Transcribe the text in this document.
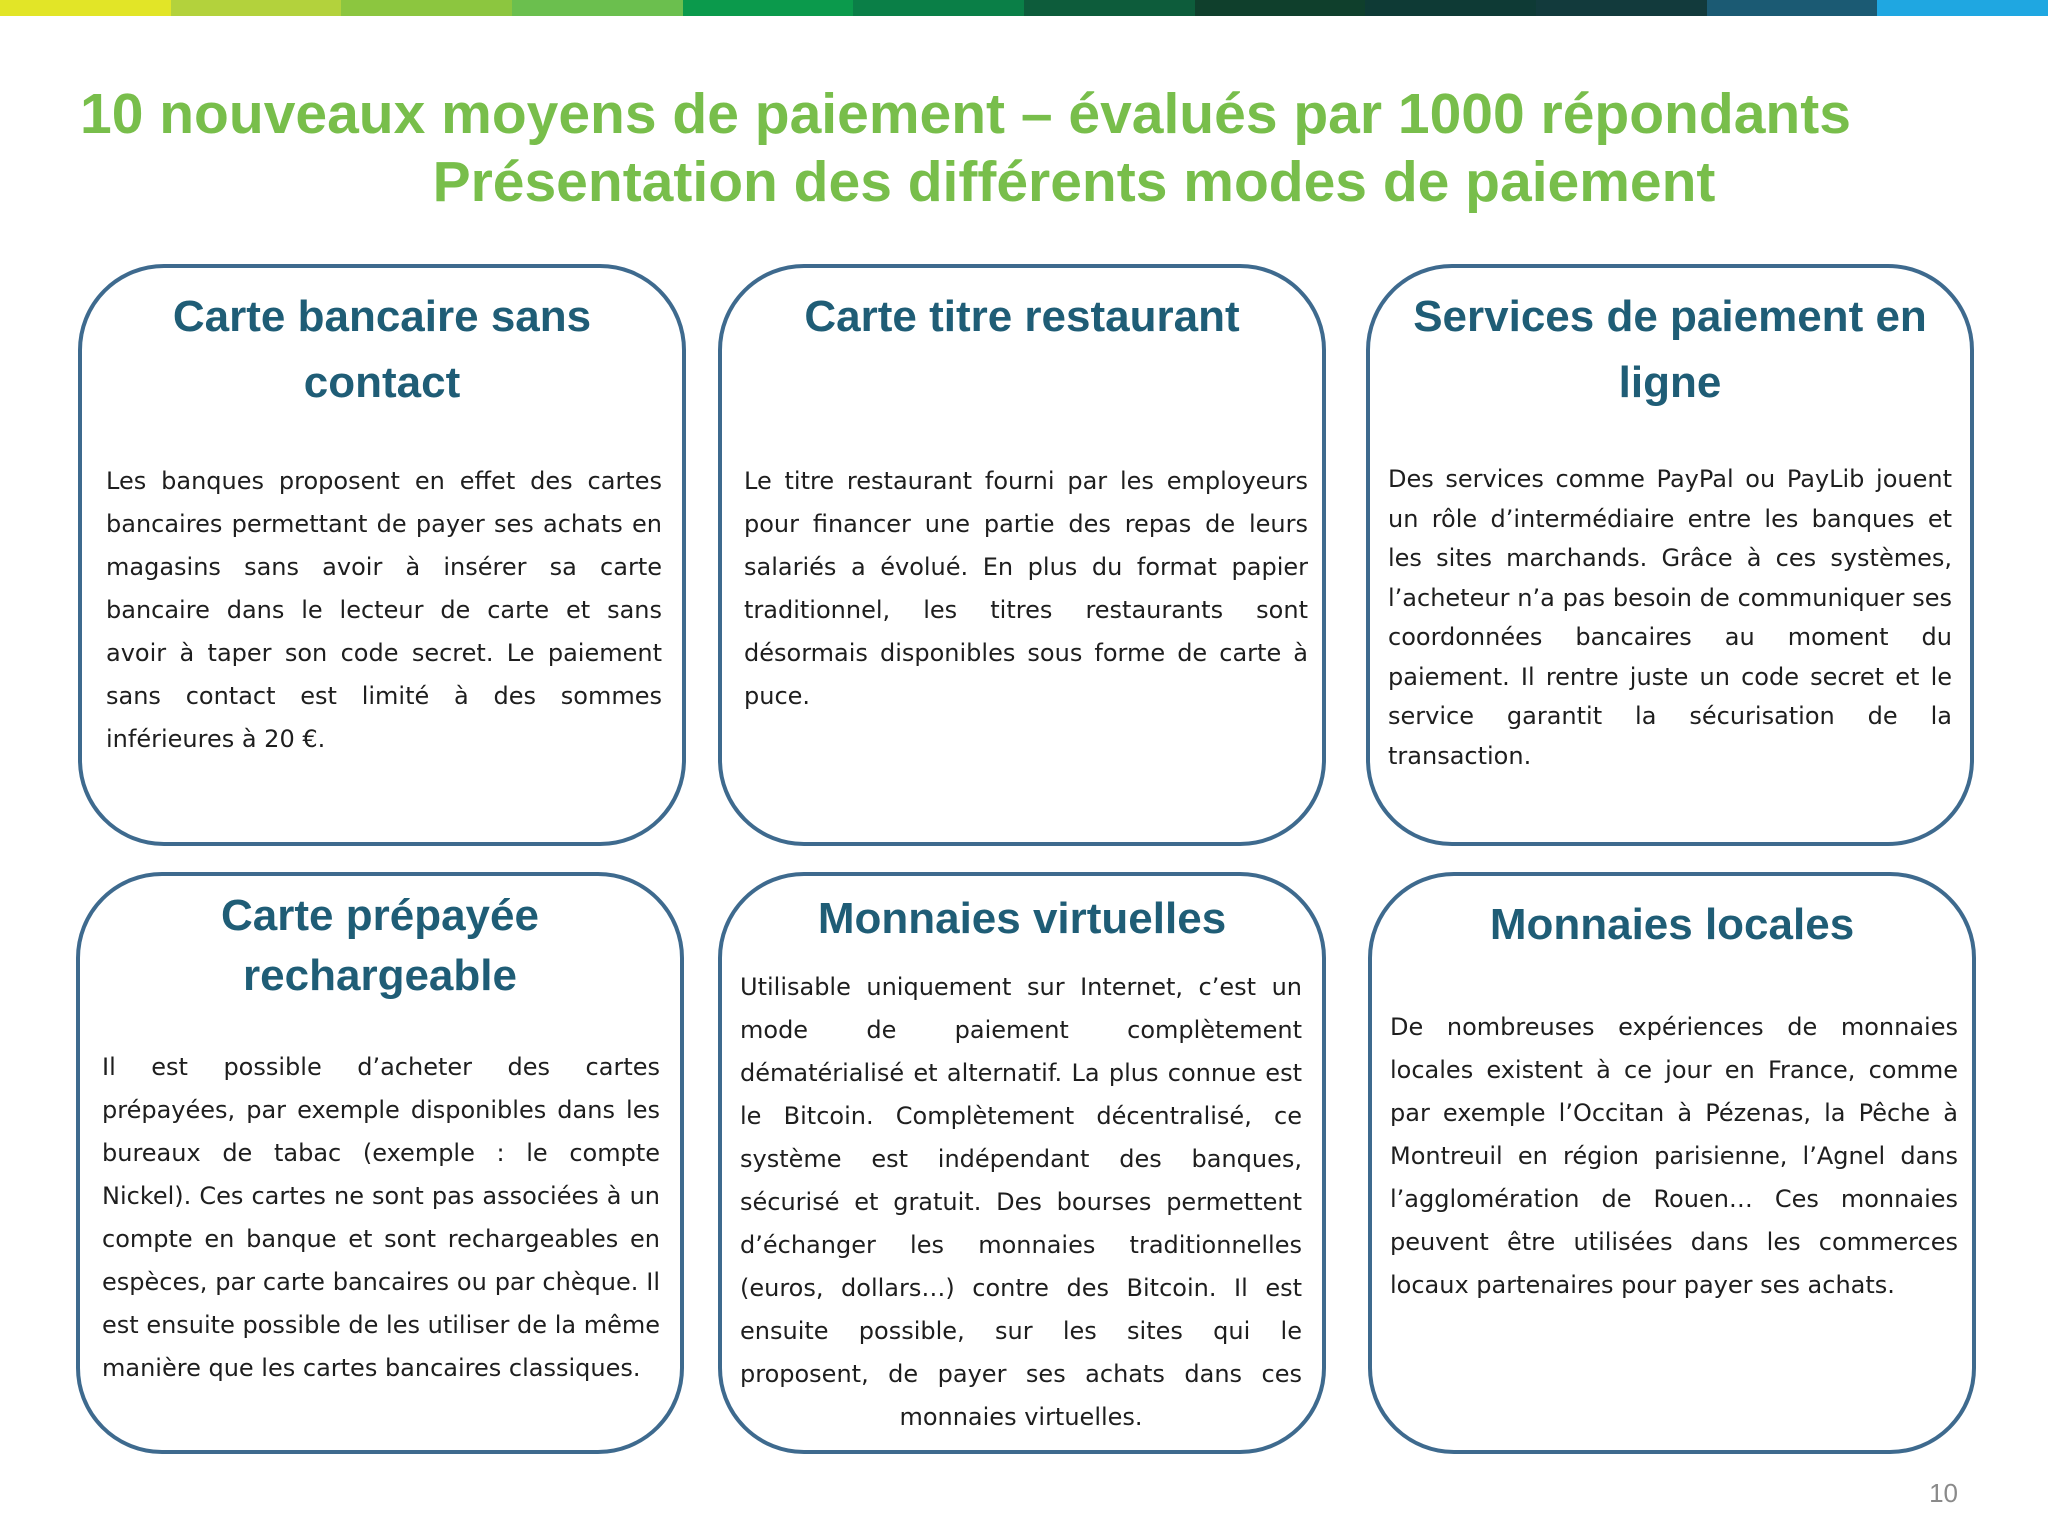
10 nouveaux moyens de paiement – évalués par 1000 répondants
Présentation des différents modes de paiement
Carte bancaire sans contact
Les banques proposent en effet des cartes bancaires permettant de payer ses achats en magasins sans avoir à insérer sa carte bancaire dans le lecteur de carte et sans avoir à taper son code secret. Le paiement sans contact est limité à des sommes inférieures à 20 €.
Carte titre restaurant
Le titre restaurant fourni par les employeurs pour financer une partie des repas de leurs salariés a évolué. En plus du format papier traditionnel, les titres restaurants sont désormais disponibles sous forme de carte à puce.
Services de paiement en ligne
Des services comme PayPal ou PayLib jouent un rôle d’intermédiaire entre les banques et les sites marchands. Grâce à ces systèmes, l’acheteur n’a pas besoin de communiquer ses coordonnées bancaires au moment du paiement. Il rentre juste un code secret et le service garantit la sécurisation de la transaction.
Carte prépayée rechargeable
Il est possible d’acheter des cartes prépayées, par exemple disponibles dans les bureaux de tabac (exemple : le compte Nickel). Ces cartes ne sont pas associées à un compte en banque et sont rechargeables en espèces, par carte bancaires ou par chèque. Il est ensuite possible de les utiliser de la même manière que les cartes bancaires classiques.
Monnaies virtuelles
Utilisable uniquement sur Internet, c’est un mode de paiement complètement dématérialisé et alternatif. La plus connue est le Bitcoin. Complètement décentralisé, ce système est indépendant des banques, sécurisé et gratuit. Des bourses permettent d’échanger les monnaies traditionnelles (euros, dollars…) contre des Bitcoin. Il est ensuite possible, sur les sites qui le proposent, de payer ses achats dans ces monnaies virtuelles.
Monnaies locales
De nombreuses expériences de monnaies locales existent à ce jour en France, comme par exemple l’Occitan à Pézenas, la Pêche à Montreuil en région parisienne, l’Agnel dans l’agglomération de Rouen… Ces monnaies peuvent être utilisées dans les commerces locaux partenaires pour payer ses achats.
10
